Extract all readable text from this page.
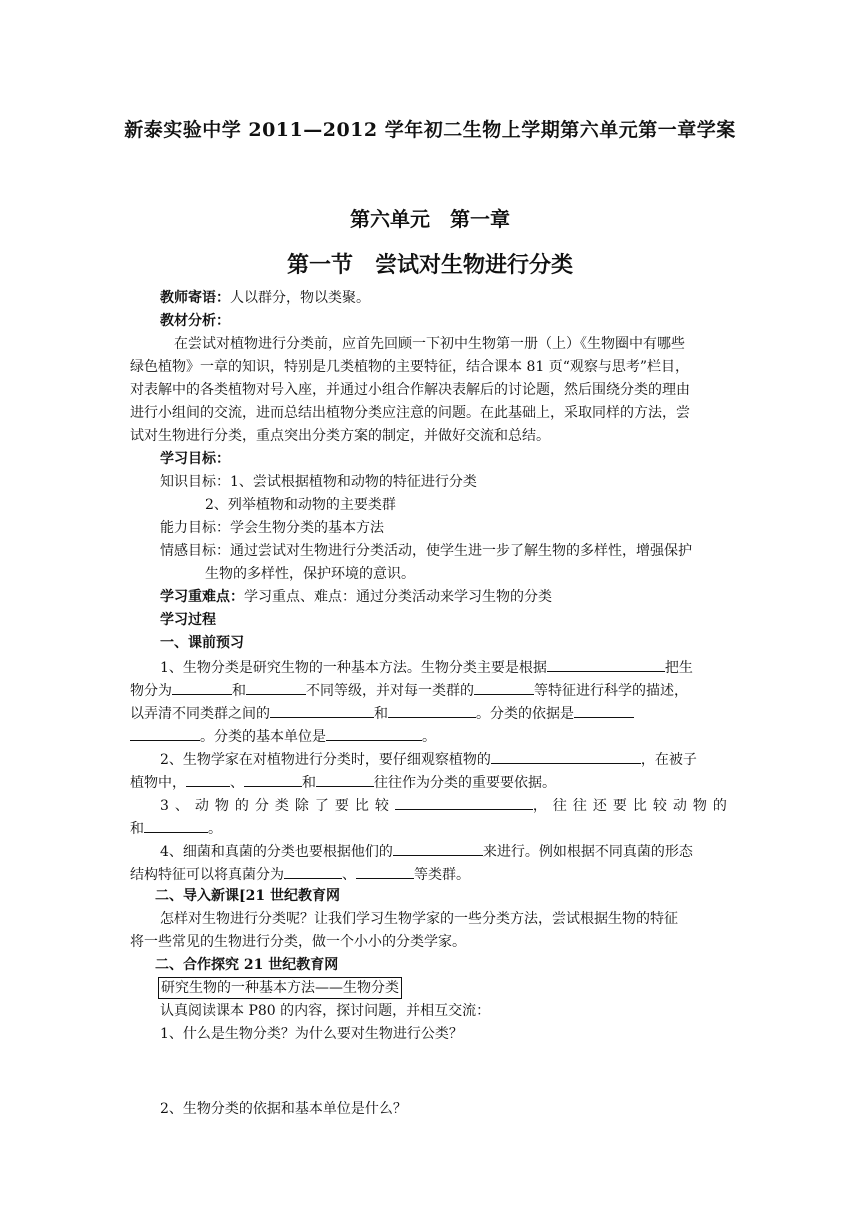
新泰实验中学 2011—2012 学年初二生物上学期第六单元第一章学案
第六单元　第一章
第一节　尝试对生物进行分类
教师寄语：人以群分，物以类聚。
教材分析：
在尝试对植物进行分类前，应首先回顾一下初中生物第一册（上）《生物圈中有哪些
绿色植物》一章的知识，特别是几类植物的主要特征，结合课本 81 页“观察与思考”栏目，
对表解中的各类植物对号入座，并通过小组合作解决表解后的讨论题，然后围绕分类的理由
进行小组间的交流，进而总结出植物分类应注意的问题。在此基础上，采取同样的方法，尝
试对生物进行分类，重点突出分类方案的制定，并做好交流和总结。
学习目标：
知识目标：1、尝试根据植物和动物的特征进行分类
2、列举植物和动物的主要类群
能力目标：学会生物分类的基本方法
情感目标：通过尝试对生物进行分类活动，使学生进一步了解生物的多样性，增强保护
生物的多样性，保护环境的意识。
学习重难点：学习重点、难点：通过分类活动来学习生物的分类
学习过程
一、课前预习
1、生物分类是研究生物的一种基本方法。生物分类主要是根据	把生
物分为	和	不同等级，并对每一类群的	等特征进行科学的描述，
以弄清不同类群之间的	和	。分类的依据是
。分类的基本单位是	。
2、生物学家在对植物进行分类时，要仔细观察植物的	，在被子
植物中，	、	和	往往作为分类的重要要依据。
3、动物的分类除了要比较	，往往还要比较动物的
和	。
4、细菌和真菌的分类也要根据他们的	来进行。例如根据不同真菌的形态
结构特征可以将真菌分为	、	等类群。
二、导入新课[21 世纪教育网
怎样对生物进行分类呢？让我们学习生物学家的一些分类方法，尝试根据生物的特征
将一些常见的生物进行分类，做一个小小的分类学家。
二、合作探究 21 世纪教育网
研究生物的一种基本方法——生物分类
认真阅读课本 P80 的内容，探讨问题，并相互交流：
1、什么是生物分类？为什么要对生物进行公类？
2、生物分类的依据和基本单位是什么？
